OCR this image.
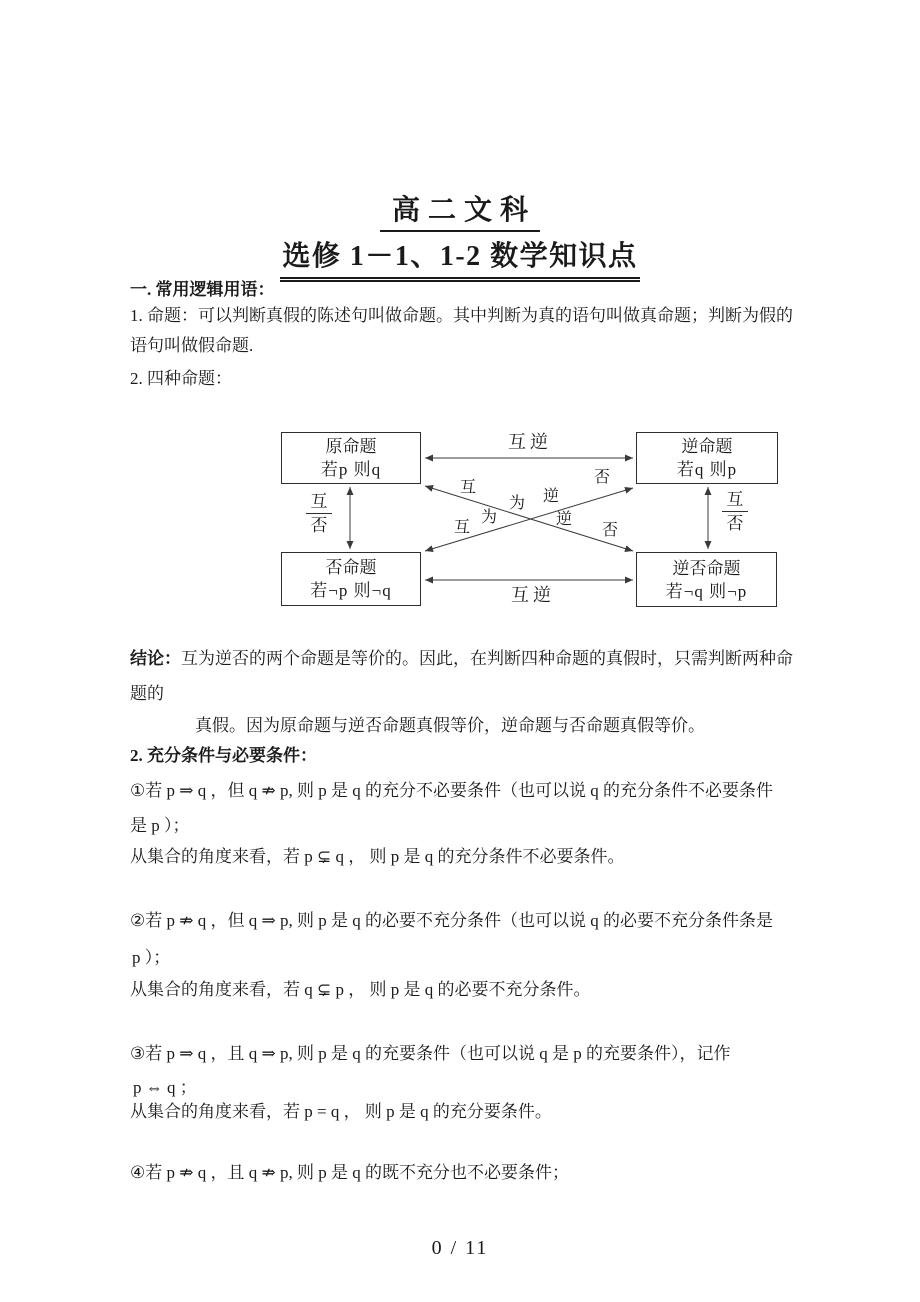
高二文科
选修 1－1、1-2 数学知识点
一. 常用逻辑用语：
1. 命题：可以判断真假的陈述句叫做命题。其中判断为真的语句叫做真命题；判断为假的
语句叫做假命题.
2. 四种命题：
原命题
若p 则q
逆命题
若q 则p
否命题
若¬p 则¬q
逆否命题
若¬q 则¬p
互逆
互逆
互
否
互
否
互
为
逆
否
互
为
逆
否
结论：互为逆否的两个命题是等价的。因此，在判断四种命题的真假时，只需判断两种命
题的
真假。因为原命题与逆否命题真假等价，逆命题与否命题真假等价。
2. 充分条件与必要条件：
①若 p ⇒ q ，但 q ⇏ p, 则 p 是 q 的充分不必要条件（也可以说 q 的充分条件不必要条件
是 p ）；
从集合的角度来看，若 p ⊊ q ， 则 p 是 q 的充分条件不必要条件。
②若 p ⇏ q ，但 q ⇒ p, 则 p 是 q 的必要不充分条件（也可以说 q 的必要不充分条件条是
p ）；
从集合的角度来看，若 q ⊊ p ， 则 p 是 q 的必要不充分条件。
③若 p ⇒ q ，且 q ⇒ p, 则 p 是 q 的充要条件（也可以说 q 是 p 的充要条件），记作
p ⇔ q ；
从集合的角度来看，若 p = q ， 则 p 是 q 的充分要条件。
④若 p ⇏ q ，且 q ⇏ p, 则 p 是 q 的既不充分也不必要条件；
0 / 11
